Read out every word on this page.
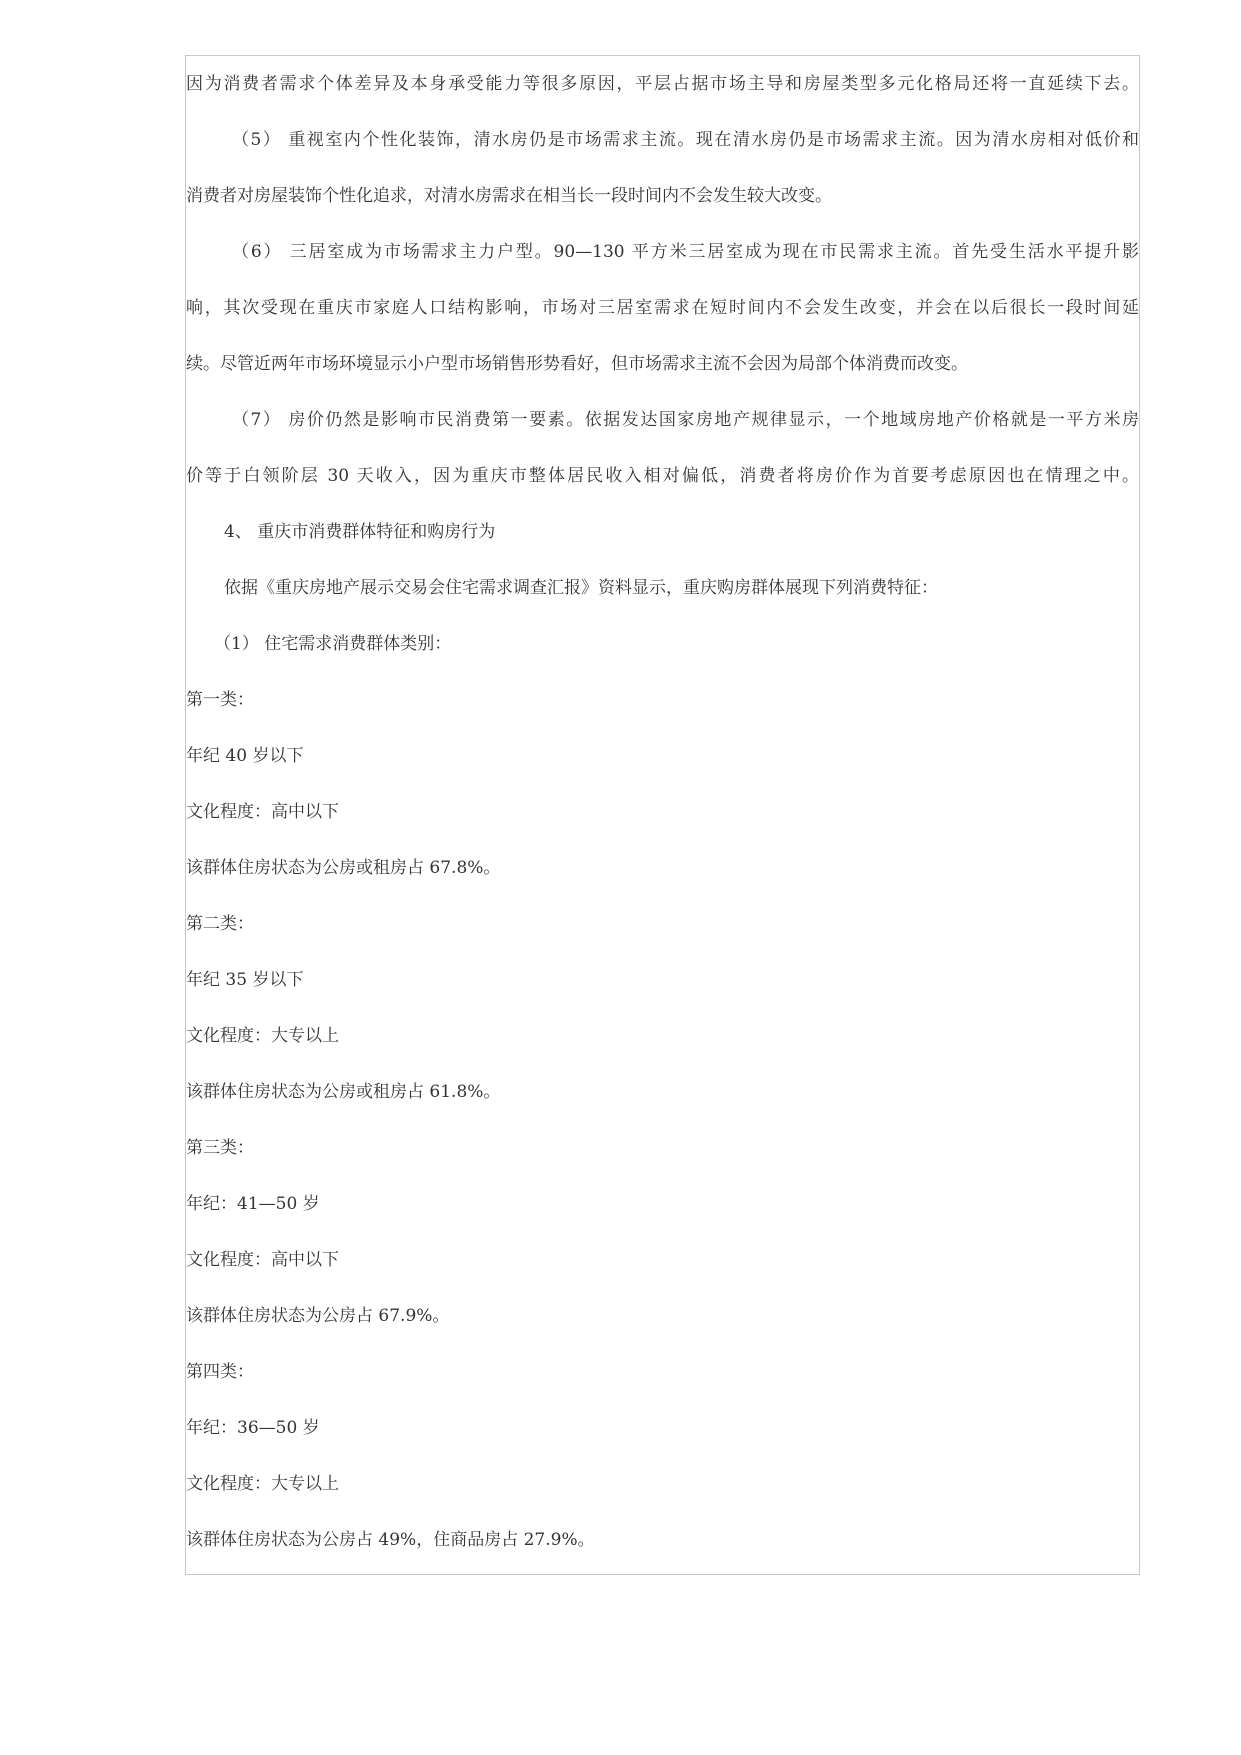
因为消费者需求个体差异及本身承受能力等很多原因，平层占据市场主导和房屋类型多元化格局还将一直延续下去。
（5） 重视室内个性化装饰，清水房仍是市场需求主流。现在清水房仍是市场需求主流。因为清水房相对低价和
消费者对房屋装饰个性化追求，对清水房需求在相当长一段时间内不会发生较大改变。
（6） 三居室成为市场需求主力户型。90—130 平方米三居室成为现在市民需求主流。首先受生活水平提升影
响，其次受现在重庆市家庭人口结构影响，市场对三居室需求在短时间内不会发生改变，并会在以后很长一段时间延
续。尽管近两年市场环境显示小户型市场销售形势看好，但市场需求主流不会因为局部个体消费而改变。
（7） 房价仍然是影响市民消费第一要素。依据发达国家房地产规律显示，一个地域房地产价格就是一平方米房
价等于白领阶层 30 天收入，因为重庆市整体居民收入相对偏低，消费者将房价作为首要考虑原因也在情理之中。
4、 重庆市消费群体特征和购房行为
依据《重庆房地产展示交易会住宅需求调查汇报》资料显示，重庆购房群体展现下列消费特征：
（1） 住宅需求消费群体类别：
第一类：
年纪 40 岁以下
文化程度：高中以下
该群体住房状态为公房或租房占 67.8%。
第二类：
年纪 35 岁以下
文化程度：大专以上
该群体住房状态为公房或租房占 61.8%。
第三类：
年纪：41—50 岁
文化程度：高中以下
该群体住房状态为公房占 67.9%。
第四类：
年纪：36—50 岁
文化程度：大专以上
该群体住房状态为公房占 49%，住商品房占 27.9%。
